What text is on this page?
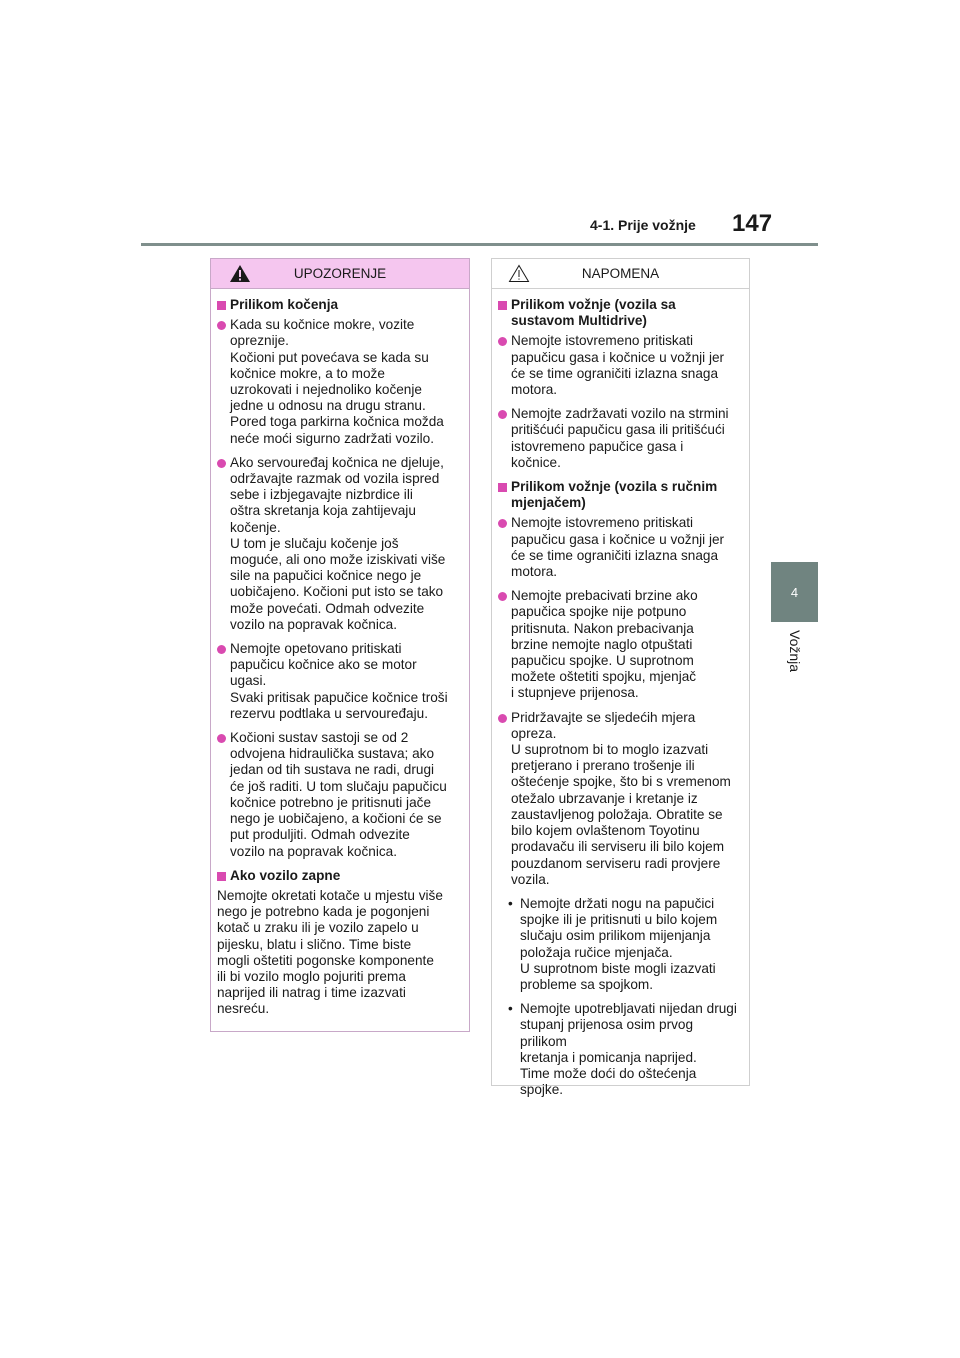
4-1. Prije vožnje 147
4
Vožnja
UPOZORENJE
Prilikom kočenja
Kada su kočnice mokre, vozite
opreznije.
Kočioni put povećava se kada su
kočnice mokre, a to može
uzrokovati i nejednoliko kočenje
jedne u odnosu na drugu stranu.
Pored toga parkirna kočnica možda
neće moći sigurno zadržati vozilo.
Ako servouređaj kočnica ne djeluje,
održavajte razmak od vozila ispred
sebe i izbjegavajte nizbrdice ili
oštra skretanja koja zahtijevaju
kočenje.
U tom je slučaju kočenje još
moguće, ali ono može iziskivati više
sile na papučici kočnice nego je
uobičajeno. Kočioni put isto se tako
može povećati. Odmah odvezite
vozilo na popravak kočnica.
Nemojte opetovano pritiskati
papučicu kočnice ako se motor
ugasi.
Svaki pritisak papučice kočnice troši
rezervu podtlaka u servouređaju.
Kočioni sustav sastoji se od 2
odvojena hidraulička sustava; ako
jedan od tih sustava ne radi, drugi
će još raditi. U tom slučaju papučicu
kočnice potrebno je pritisnuti jače
nego je uobičajeno, a kočioni će se
put produljiti. Odmah odvezite
vozilo na popravak kočnica.
Ako vozilo zapne
Nemojte okretati kotače u mjestu više
nego je potrebno kada je pogonjeni
kotač u zraku ili je vozilo zapelo u
pijesku, blatu i slično. Time biste
mogli oštetiti pogonske komponente
ili bi vozilo moglo pojuriti prema
naprijed ili natrag i time izazvati
nesreću.
NAPOMENA
Prilikom vožnje (vozila sa
sustavom Multidrive)
Nemojte istovremeno pritiskati
papučicu gasa i kočnice u vožnji jer
će se time ograničiti izlazna snaga
motora.
Nemojte zadržavati vozilo na strmini
pritišćući papučicu gasa ili pritišćući
istovremeno papučice gasa i
kočnice.
Prilikom vožnje (vozila s ručnim
mjenjačem)
Nemojte istovremeno pritiskati
papučicu gasa i kočnice u vožnji jer
će se time ograničiti izlazna snaga
motora.
Nemojte prebacivati brzine ako
papučica spojke nije potpuno
pritisnuta. Nakon prebacivanja
brzine nemojte naglo otpuštati
papučicu spojke. U suprotnom
možete oštetiti spojku, mjenjač
i stupnjeve prijenosa.
Pridržavajte se sljedećih mjera
opreza.
U suprotnom bi to moglo izazvati
pretjerano i prerano trošenje ili
oštećenje spojke, što bi s vremenom
otežalo ubrzavanje i kretanje iz
zaustavljenog položaja. Obratite se
bilo kojem ovlaštenom Toyotinu
prodavaču ili serviseru ili bilo kojem
pouzdanom serviseru radi provjere
vozila.
• Nemojte držati nogu na papučici
spojke ili je pritisnuti u bilo kojem
slučaju osim prilikom mijenjanja
položaja ručice mjenjača.
U suprotnom biste mogli izazvati
probleme sa spojkom.
• Nemojte upotrebljavati nijedan drugi
stupanj prijenosa osim prvog prilikom
kretanja i pomicanja naprijed.
Time može doći do oštećenja spojke.
